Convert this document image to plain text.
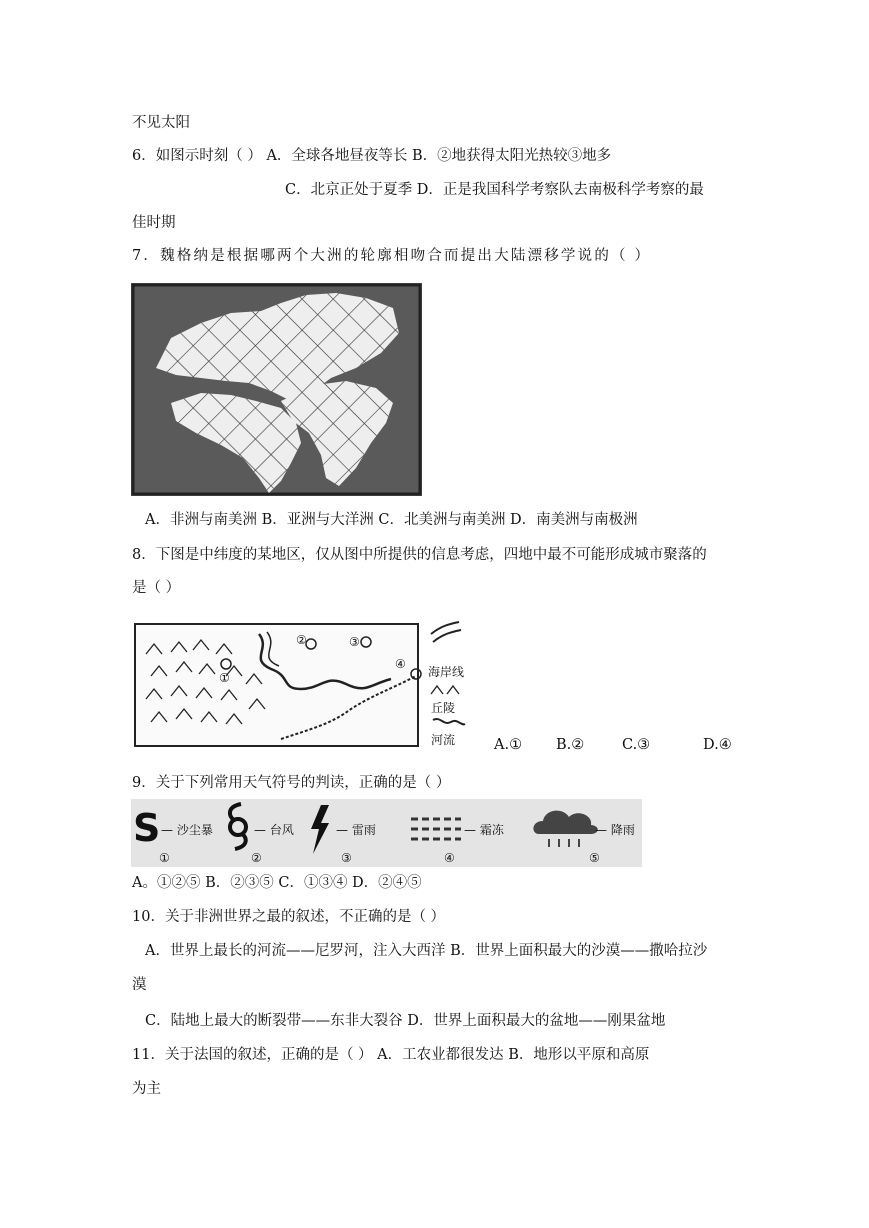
不见太阳
6．如图示时刻（ ） A．全球各地昼夜等长 B．②地获得太阳光热较③地多
C．北京正处于夏季 D．正是我国科学考察队去南极科学考察的最
佳时期
7．魏格纳是根据哪两个大洲的轮廓相吻合而提出大陆漂移学说的（ ）
A．非洲与南美洲 B．亚洲与大洋洲 C．北美洲与南美洲 D．南美洲与南极洲
8．下图是中纬度的某地区，仅从图中所提供的信息考虑，四地中最不可能形成城市聚落的
是（ ）
①
②	③
④
海岸线
丘陵
河流	A.① B.②	C.③	D.④
9．关于下列常用天气符号的判读，正确的是（ ）
S — 沙尘暴	— 台风	— 雷雨	— 霜冻	— 降雨
①	②	③	④	⑤
A。①②⑤ B．②③⑤ C．①③④ D．②④⑤
10．关于非洲世界之最的叙述，不正确的是（ ）
A．世界上最长的河流——尼罗河，注入大西洋 B．世界上面积最大的沙漠——撒哈拉沙
漠
C．陆地上最大的断裂带——东非大裂谷 D．世界上面积最大的盆地——刚果盆地
11．关于法国的叙述，正确的是（ ） A．工农业都很发达 B．地形以平原和高原
为主
